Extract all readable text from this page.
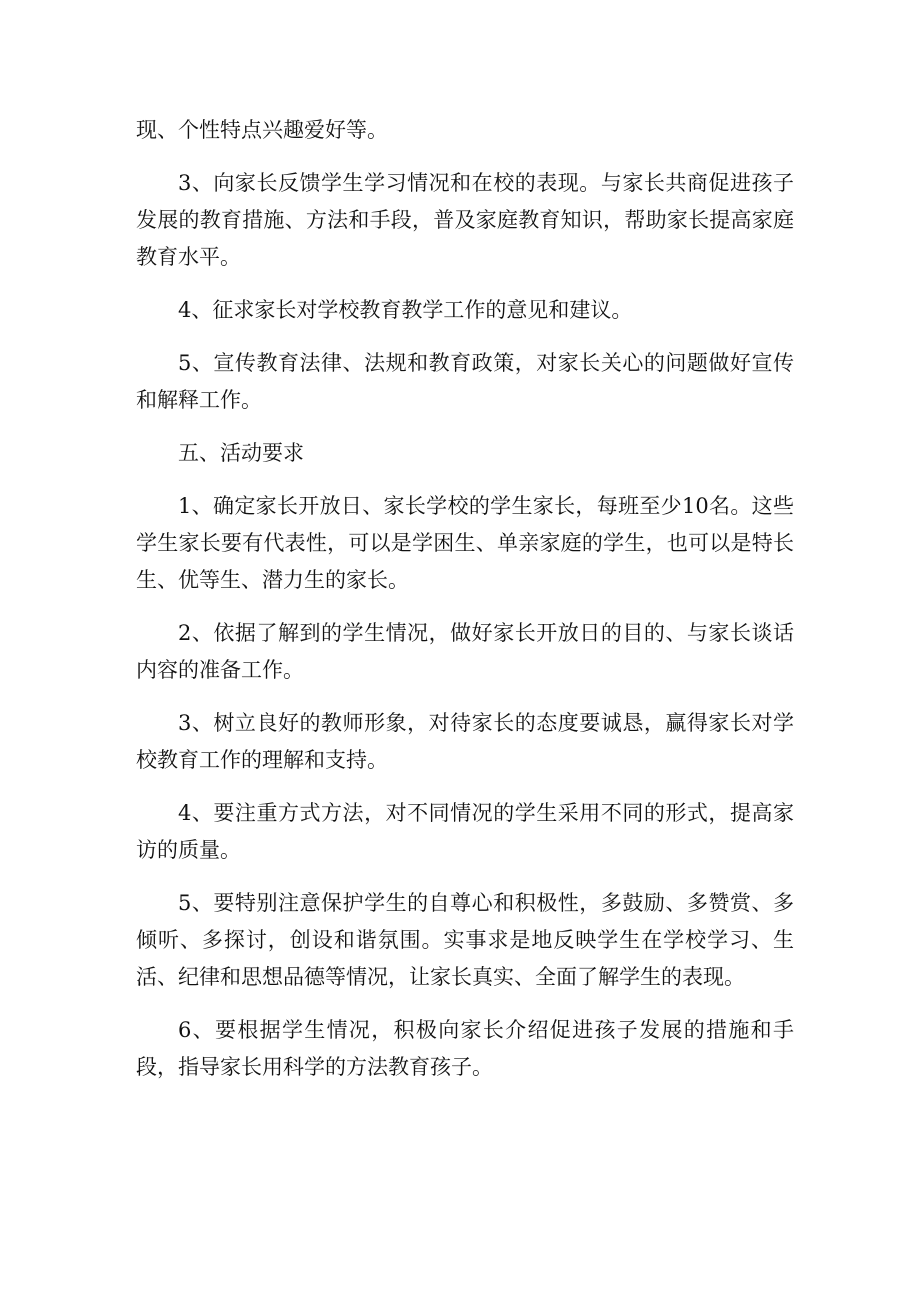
现、个性特点兴趣爱好等。

3、向家长反馈学生学习情况和在校的表现。与家长共商促进孩子发展的教育措施、方法和手段，普及家庭教育知识，帮助家长提高家庭教育水平。

4、征求家长对学校教育教学工作的意见和建议。

5、宣传教育法律、法规和教育政策，对家长关心的问题做好宣传和解释工作。

五、活动要求

1、确定家长开放日、家长学校的学生家长，每班至少10名。这些学生家长要有代表性，可以是学困生、单亲家庭的学生，也可以是特长生、优等生、潜力生的家长。

2、依据了解到的学生情况，做好家长开放日的目的、与家长谈话内容的准备工作。

3、树立良好的教师形象，对待家长的态度要诚恳，赢得家长对学校教育工作的理解和支持。

4、要注重方式方法，对不同情况的学生采用不同的形式，提高家访的质量。

5、要特别注意保护学生的自尊心和积极性，多鼓励、多赞赏、多倾听、多探讨，创设和谐氛围。实事求是地反映学生在学校学习、生活、纪律和思想品德等情况，让家长真实、全面了解学生的表现。

6、要根据学生情况，积极向家长介绍促进孩子发展的措施和手段，指导家长用科学的方法教育孩子。
